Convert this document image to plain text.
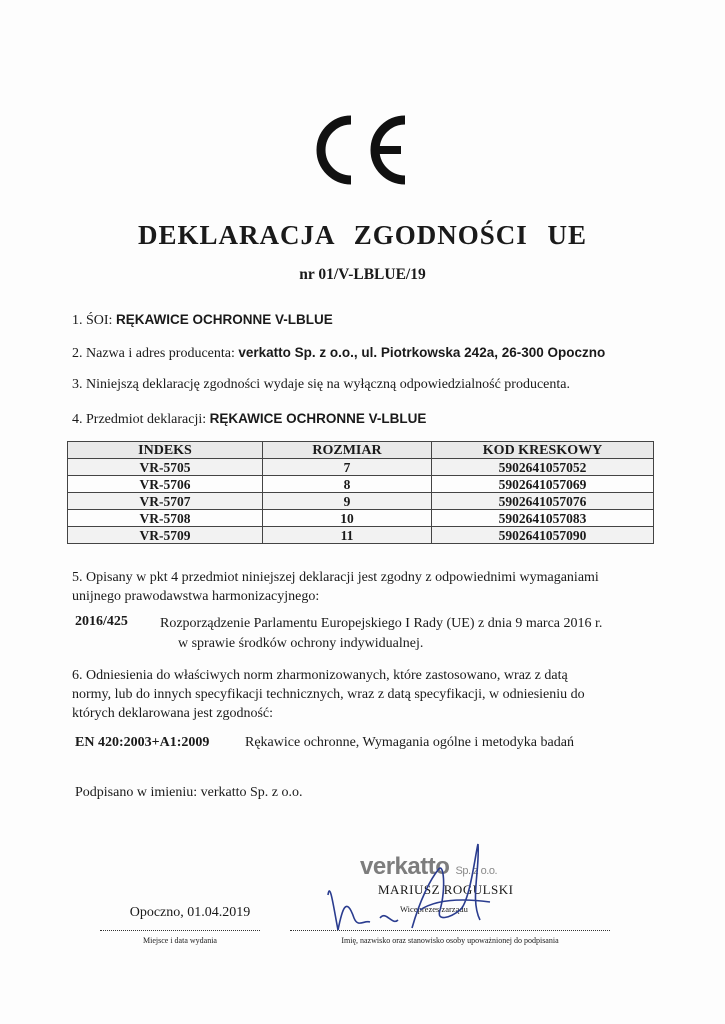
DEKLARACJA ZGODNOŚCI UE
nr 01/V-LBLUE/19
1. ŚOI: RĘKAWICE OCHRONNE V-LBLUE
2. Nazwa i adres producenta: verkatto Sp. z o.o., ul. Piotrkowska 242a, 26-300 Opoczno
3. Niniejszą deklarację zgodności wydaje się na wyłączną odpowiedzialność producenta.
4. Przedmiot deklaracji: RĘKAWICE OCHRONNE V-LBLUE
INDEKS	ROZMIAR	KOD KRESKOWY
VR-5705	7	5902641057052
VR-5706	8	5902641057069
VR-5707	9	5902641057076
VR-5708	10	5902641057083
VR-5709	11	5902641057090
5. Opisany w pkt 4 przedmiot niniejszej deklaracji jest zgodny z odpowiednimi wymaganiami
unijnego prawodawstwa harmonizacyjnego:
2016/425 Rozporządzenie Parlamentu Europejskiego I Rady (UE) z dnia 9 marca 2016 r.
w sprawie środków ochrony indywidualnej.
6. Odniesienia do właściwych norm zharmonizowanych, które zastosowano, wraz z datą
normy, lub do innych specyfikacji technicznych, wraz z datą specyfikacji, w odniesieniu do
których deklarowana jest zgodność:
EN 420:2003+A1:2009	Rękawice ochronne, Wymagania ogólne i metodyka badań
Podpisano w imieniu: verkatto Sp. z o.o.
verkatto Sp. z o.o.
MARIUSZ ROGULSKI
Wiceprezes zarządu
Opoczno, 01.04.2019
Miejsce i data wydania	Imię, nazwisko oraz stanowisko osoby upoważnionej do podpisania
